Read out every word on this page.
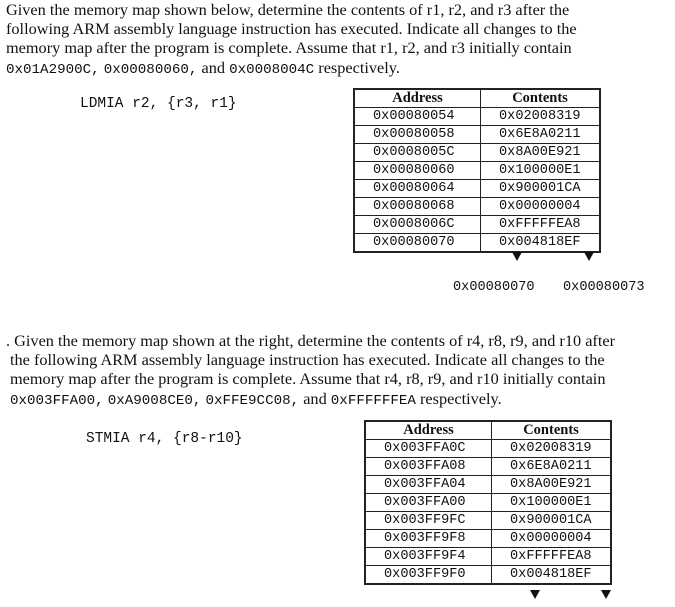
Given the memory map shown below, determine the contents of r1, r2, and r3 after the
following ARM assembly language instruction has executed. Indicate all changes to the
memory map after the program is complete. Assume that r1, r2, and r3 initially contain
0x01A2900C, 0x00080060, and 0x0008004C respectively.
LDMIA r2, {r3, r1}	Address	Contents
0x00080054	0x02008319
0x00080058	0x6E8A0211
0x0008005C	0x8A00E921
0x00080060	0x100000E1
0x00080064	0x900001CA
0x00080068	0x00000004
0x0008006C	0xFFFFFEA8
0x00080070	0x004818EF
0x00080070 0x00080073
. Given the memory map shown at the right, determine the contents of r4, r8, r9, and r10 after
the following ARM assembly language instruction has executed. Indicate all changes to the
memory map after the program is complete. Assume that r4, r8, r9, and r10 initially contain
0x003FFA00, 0xA9008CE0, 0xFFE9CC08, and 0xFFFFFFEA respectively.
STMIA r4, {r8-r10}
Address	Contents
0x003FFA0C	0x02008319
0x003FFA08	0x6E8A0211
0x003FFA04	0x8A00E921
0x003FFA00	0x100000E1
0x003FF9FC	0x900001CA
0x003FF9F8	0x00000004
0x003FF9F4	0xFFFFFEA8
0x003FF9F0	0x004818EF
